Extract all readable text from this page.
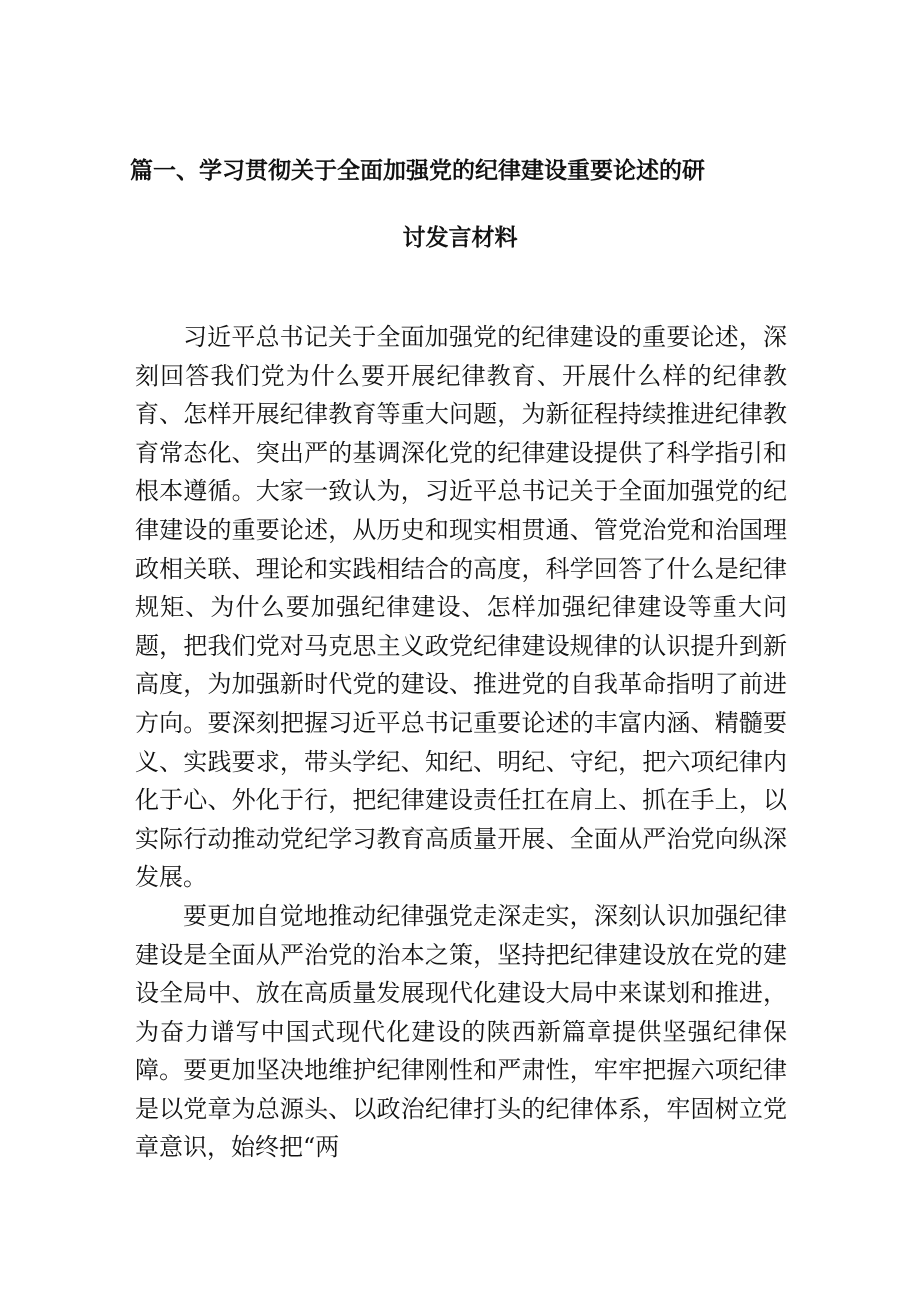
篇一、学习贯彻关于全面加强党的纪律建设重要论述的研
讨发言材料

习近平总书记关于全面加强党的纪律建设的重要论述，深刻回答我们党为什么要开展纪律教育、开展什么样的纪律教育、怎样开展纪律教育等重大问题，为新征程持续推进纪律教育常态化、突出严的基调深化党的纪律建设提供了科学指引和根本遵循。大家一致认为，习近平总书记关于全面加强党的纪律建设的重要论述，从历史和现实相贯通、管党治党和治国理政相关联、理论和实践相结合的高度，科学回答了什么是纪律规矩、为什么要加强纪律建设、怎样加强纪律建设等重大问题，把我们党对马克思主义政党纪律建设规律的认识提升到新高度，为加强新时代党的建设、推进党的自我革命指明了前进方向。要深刻把握习近平总书记重要论述的丰富内涵、精髓要义、实践要求，带头学纪、知纪、明纪、守纪，把六项纪律内化于心、外化于行，把纪律建设责任扛在肩上、抓在手上，以实际行动推动党纪学习教育高质量开展、全面从严治党向纵深发展。

要更加自觉地推动纪律强党走深走实，深刻认识加强纪律建设是全面从严治党的治本之策，坚持把纪律建设放在党的建设全局中、放在高质量发展现代化建设大局中来谋划和推进，为奋力谱写中国式现代化建设的陕西新篇章提供坚强纪律保障。要更加坚决地维护纪律刚性和严肃性，牢牢把握六项纪律是以党章为总源头、以政治纪律打头的纪律体系，牢固树立党章意识，始终把“两
